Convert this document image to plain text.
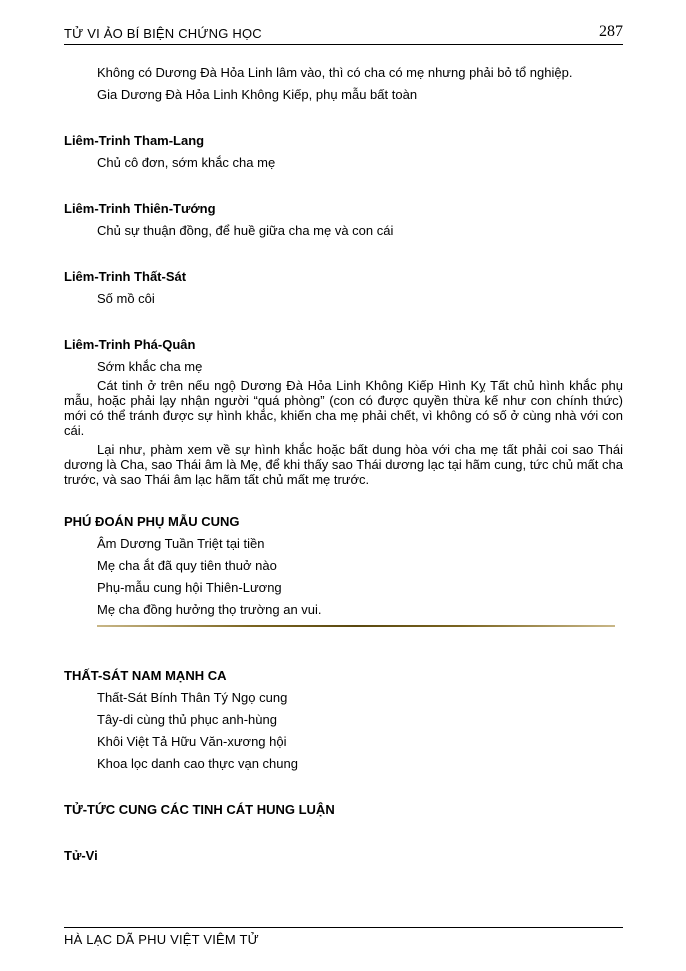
TỬ VI ẢO BÍ BIỆN CHỨNG HỌC	287

Không có Dương Đà Hỏa Linh lâm vào, thì có cha có mẹ nhưng phải bỏ tổ nghiệp.

Gia Dương Đà Hỏa Linh Không Kiếp, phụ mẫu bất toàn

Liêm-Trinh Tham-Lang

Chủ cô đơn, sớm khắc cha mẹ

Liêm-Trinh Thiên-Tướng

Chủ sự thuận đồng, để huề giữa cha mẹ và con cái

Liêm-Trinh Thất-Sát

Số mồ côi

Liêm-Trinh Phá-Quân

Sớm khắc cha mẹ

Cát tinh ở trên nếu ngộ Dương Đà Hỏa Linh Không Kiếp Hình Kỵ Tất chủ hình khắc phụ mẫu, hoặc phải lạy nhận người “quá phòng” (con có được quyền thừa kế như con chính thức) mới có thể tránh được sự hình khắc, khiến cha mẹ phải chết, vì không có số ở cùng nhà với con cái.

Lại như, phàm xem về sự hình khắc hoặc bất dung hòa với cha mẹ tất phải coi sao Thái dương là Cha, sao Thái âm là Mẹ, để khi thấy sao Thái dương lạc tại hãm cung, tức chủ mất cha trước, và sao Thái âm lạc hãm tất chủ mất mẹ trước.

PHÚ ĐOÁN PHỤ MẪU CUNG

Âm Dương Tuần Triệt tại tiền

Mẹ cha ắt đã quy tiên thuở nào

Phụ-mẫu cung hội Thiên-Lương

Mẹ cha đồng hưởng thọ trường an vui.

THẤT-SÁT NAM MẠNH CA

Thất-Sát Bính Thân Tý Ngọ cung

Tây-di cùng thủ phục anh-hùng

Khôi Việt Tả Hữu Văn-xương hội

Khoa lọc danh cao thực vạn chung

TỬ-TỨC CUNG CÁC TINH CÁT HUNG LUẬN

Tử-Vi

HÀ LẠC DÃ PHU VIỆT VIÊM TỬ
